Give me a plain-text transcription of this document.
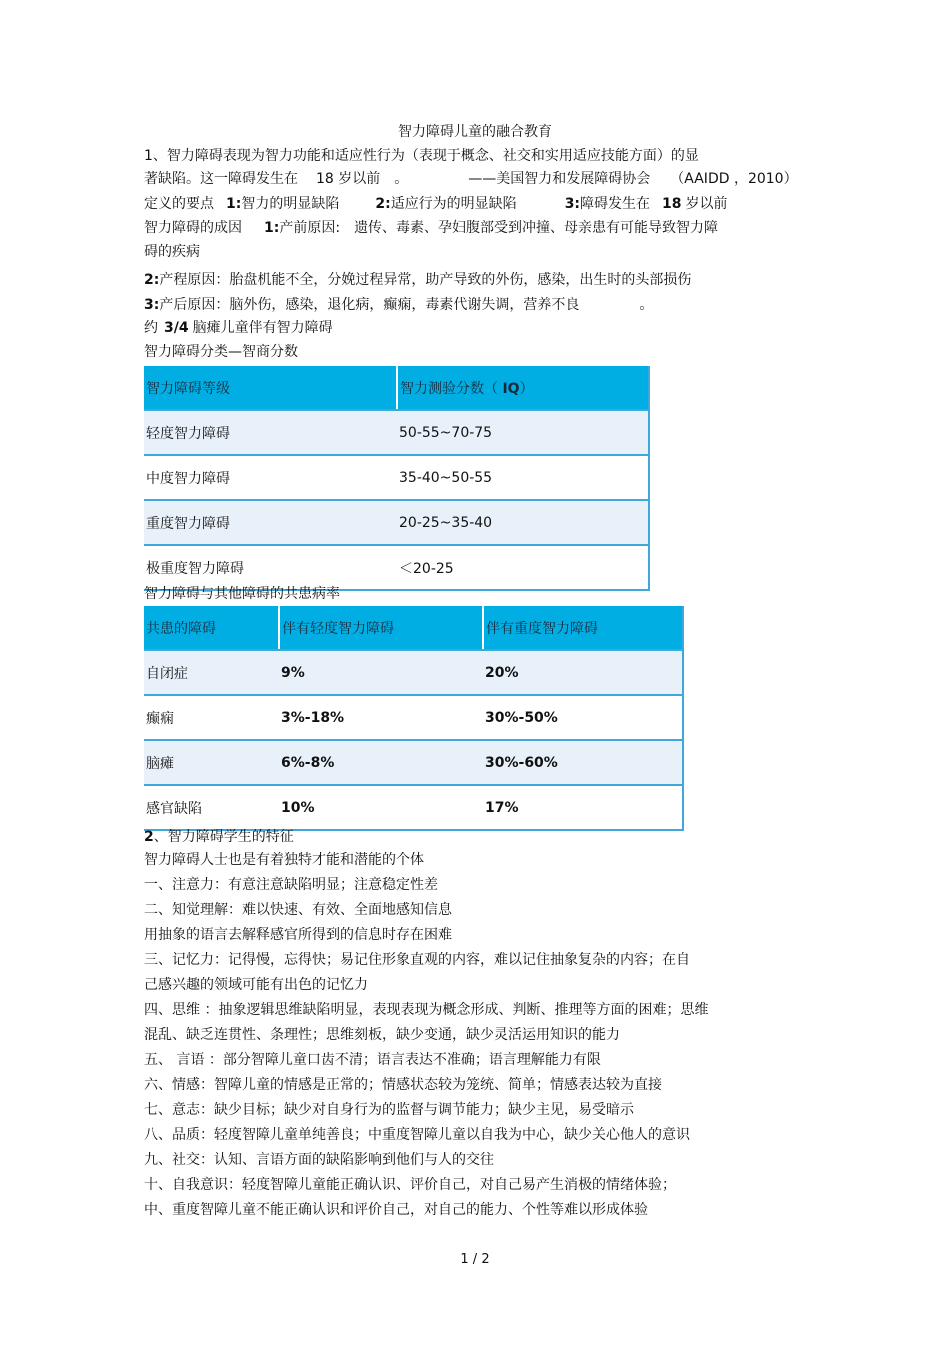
智力障碍儿童的融合教育
1、智力障碍表现为智力功能和适应性行为（表现于概念、社交和实用适应技能方面）的显
著缺陷。这一障碍发生在 18 岁以前 。	——美国智力和发展障碍协会 （AAIDD ，2010）
定义的要点 1:智力的明显缺陷	2:适应行为的明显缺陷	3:障碍发生在 18 岁以前
智力障碍的成因 1:产前原因: 遗传、毒素、孕妇腹部受到冲撞、母亲患有可能导致智力障
碍的疾病
2:产程原因：胎盘机能不全，分娩过程异常，助产导致的外伤，感染，出生时的头部损伤
3:产后原因：脑外伤，感染，退化病，癫痫，毒素代谢失调，营养不良	。
约 3/4 脑瘫儿童伴有智力障碍
智力障碍分类—智商分数
智力障碍等级	智力测验分数（ IQ）
轻度智力障碍	50-55~70-75
中度智力障碍	35-40~50-55
重度智力障碍	20-25~35-40
极重度智力障碍	＜20-25
智力障碍与其他障碍的共患病率
共患的障碍	伴有轻度智力障碍	伴有重度智力障碍
自闭症	9%	20%
癫痫	3%-18%	30%-50%
脑瘫	6%-8%	30%-60%
感官缺陷	10%	17%
2、智力障碍学生的特征
智力障碍人士也是有着独特才能和潜能的个体
一、注意力：有意注意缺陷明显；注意稳定性差
二、知觉理解：难以快速、有效、全面地感知信息
用抽象的语言去解释感官所得到的信息时存在困难
三、记忆力：记得慢，忘得快；易记住形象直观的内容，难以记住抽象复杂的内容；在自
己感兴趣的领域可能有出色的记忆力
四、思维 ：抽象逻辑思维缺陷明显，表现表现为概念形成、判断、推理等方面的困难；思维
混乱、缺乏连贯性、条理性；思维刻板，缺少变通，缺少灵活运用知识的能力
五、 言语 ：部分智障儿童口齿不清；语言表达不准确；语言理解能力有限
六、情感：智障儿童的情感是正常的；情感状态较为笼统、简单；情感表达较为直接
七、意志：缺少目标；缺少对自身行为的监督与调节能力；缺少主见，易受暗示
八、品质：轻度智障儿童单纯善良；中重度智障儿童以自我为中心，缺少关心他人的意识
九、社交：认知、言语方面的缺陷影响到他们与人的交往
十、自我意识：轻度智障儿童能正确认识、评价自己，对自己易产生消极的情绪体验；
中、重度智障儿童不能正确认识和评价自己，对自己的能力、个性等难以形成体验
1 / 2
